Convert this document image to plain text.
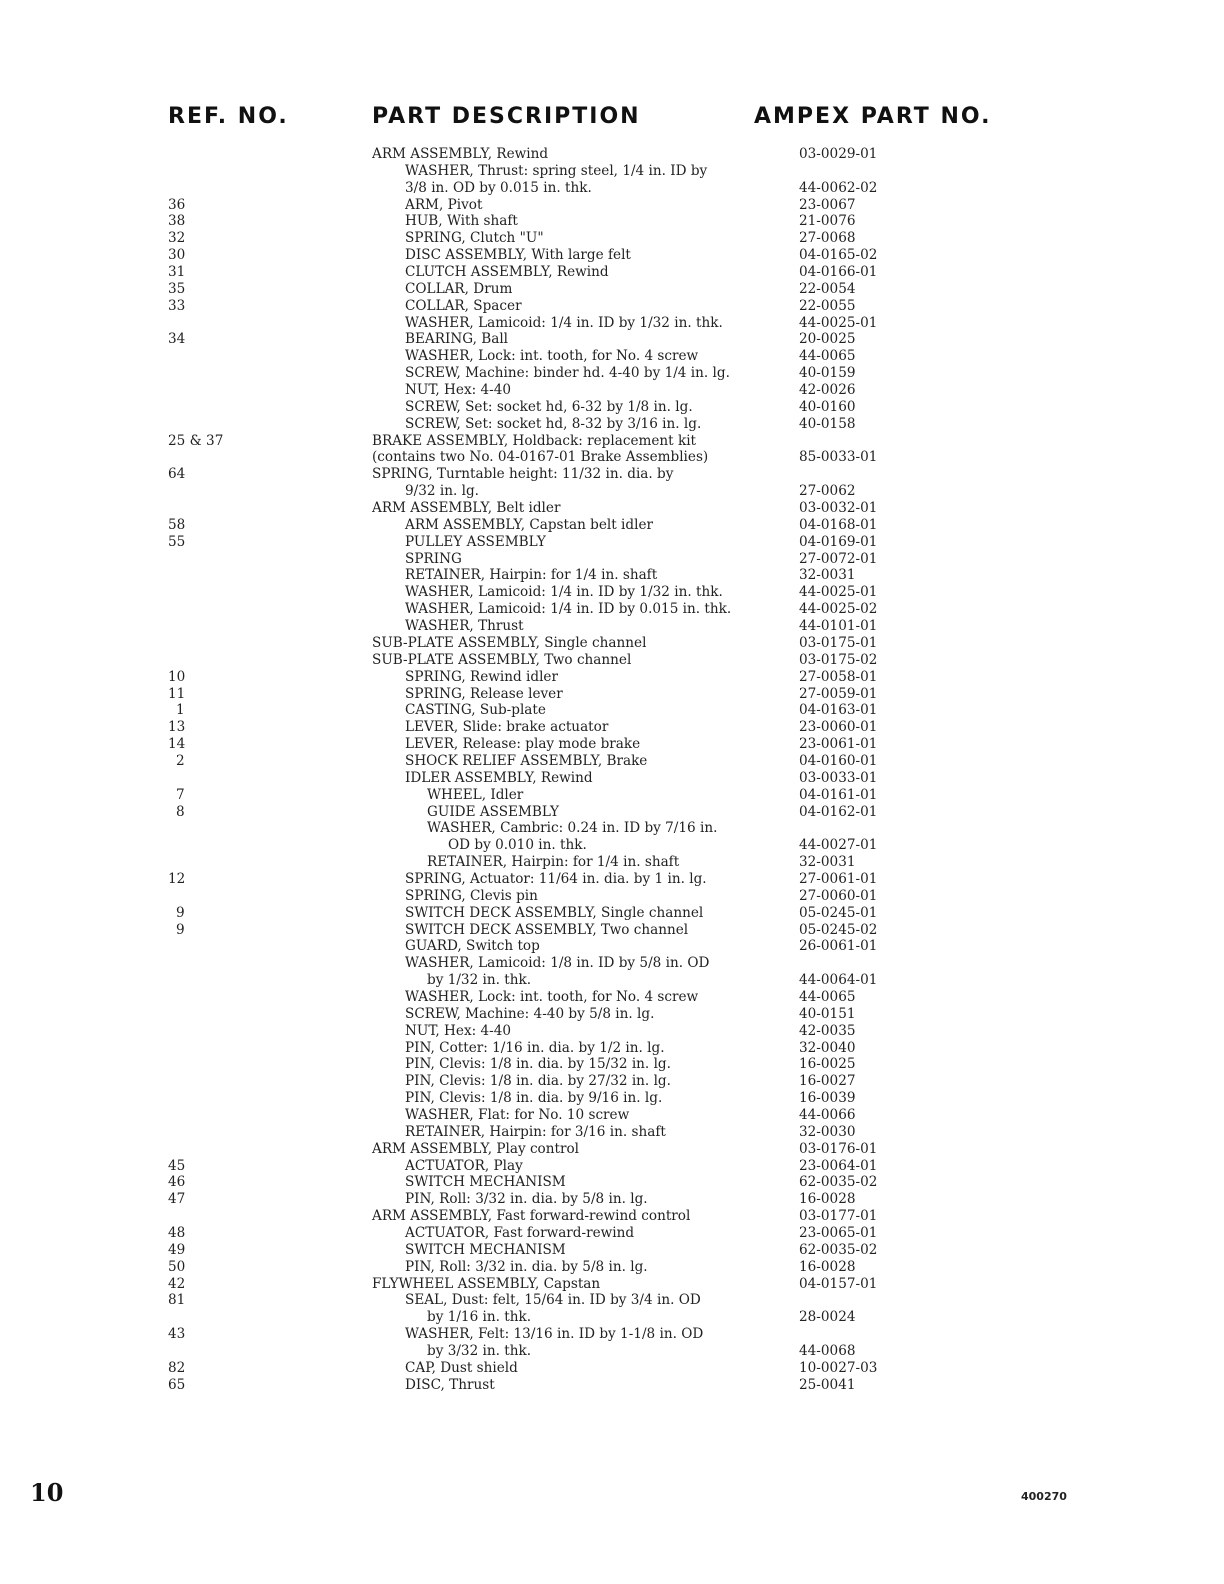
REF. NO.	PART DESCRIPTION	AMPEX PART NO.
ARM ASSEMBLY, Rewind	03-0029-01
WASHER, Thrust: spring steel, 1/4 in. ID by
3/8 in. OD by 0.015 in. thk.	44-0062-02
36	ARM, Pivot	23-0067
38	HUB, With shaft	21-0076
32	SPRING, Clutch "U"	27-0068
30	DISC ASSEMBLY, With large felt	04-0165-02
31	CLUTCH ASSEMBLY, Rewind	04-0166-01
35	COLLAR, Drum	22-0054
33	COLLAR, Spacer	22-0055
WASHER, Lamicoid: 1/4 in. ID by 1/32 in. thk.	44-0025-01
34	BEARING, Ball	20-0025
WASHER, Lock: int. tooth, for No. 4 screw	44-0065
SCREW, Machine: binder hd. 4-40 by 1/4 in. lg.	40-0159
NUT, Hex: 4-40	42-0026
SCREW, Set: socket hd, 6-32 by 1/8 in. lg.	40-0160
SCREW, Set: socket hd, 8-32 by 3/16 in. lg.	40-0158
25 & 37	BRAKE ASSEMBLY, Holdback: replacement kit
(contains two No. 04-0167-01 Brake Assemblies)	85-0033-01
64	SPRING, Turntable height: 11/32 in. dia. by
9/32 in. lg.	27-0062
ARM ASSEMBLY, Belt idler	03-0032-01
58	ARM ASSEMBLY, Capstan belt idler	04-0168-01
55	PULLEY ASSEMBLY	04-0169-01
SPRING	27-0072-01
RETAINER, Hairpin: for 1/4 in. shaft	32-0031
WASHER, Lamicoid: 1/4 in. ID by 1/32 in. thk.	44-0025-01
WASHER, Lamicoid: 1/4 in. ID by 0.015 in. thk.	44-0025-02
WASHER, Thrust	44-0101-01
SUB-PLATE ASSEMBLY, Single channel	03-0175-01
SUB-PLATE ASSEMBLY, Two channel	03-0175-02
10	SPRING, Rewind idler	27-0058-01
11	SPRING, Release lever	27-0059-01
1	CASTING, Sub-plate	04-0163-01
13	LEVER, Slide: brake actuator	23-0060-01
14	LEVER, Release: play mode brake	23-0061-01
2	SHOCK RELIEF ASSEMBLY, Brake	04-0160-01
IDLER ASSEMBLY, Rewind	03-0033-01
7	WHEEL, Idler	04-0161-01
8	GUIDE ASSEMBLY	04-0162-01
WASHER, Cambric: 0.24 in. ID by 7/16 in.
OD by 0.010 in. thk.	44-0027-01
RETAINER, Hairpin: for 1/4 in. shaft	32-0031
12	SPRING, Actuator: 11/64 in. dia. by 1 in. lg.	27-0061-01
SPRING, Clevis pin	27-0060-01
9	SWITCH DECK ASSEMBLY, Single channel	05-0245-01
9	SWITCH DECK ASSEMBLY, Two channel	05-0245-02
GUARD, Switch top	26-0061-01
WASHER, Lamicoid: 1/8 in. ID by 5/8 in. OD
by 1/32 in. thk.	44-0064-01
WASHER, Lock: int. tooth, for No. 4 screw	44-0065
SCREW, Machine: 4-40 by 5/8 in. lg.	40-0151
NUT, Hex: 4-40	42-0035
PIN, Cotter: 1/16 in. dia. by 1/2 in. lg.	32-0040
PIN, Clevis: 1/8 in. dia. by 15/32 in. lg.	16-0025
PIN, Clevis: 1/8 in. dia. by 27/32 in. lg.	16-0027
PIN, Clevis: 1/8 in. dia. by 9/16 in. lg.	16-0039
WASHER, Flat: for No. 10 screw	44-0066
RETAINER, Hairpin: for 3/16 in. shaft	32-0030
ARM ASSEMBLY, Play control	03-0176-01
45	ACTUATOR, Play	23-0064-01
46	SWITCH MECHANISM	62-0035-02
47	PIN, Roll: 3/32 in. dia. by 5/8 in. lg.	16-0028
ARM ASSEMBLY, Fast forward-rewind control	03-0177-01
48	ACTUATOR, Fast forward-rewind	23-0065-01
49	SWITCH MECHANISM	62-0035-02
50	PIN, Roll: 3/32 in. dia. by 5/8 in. lg.	16-0028
42	FLYWHEEL ASSEMBLY, Capstan	04-0157-01
81	SEAL, Dust: felt, 15/64 in. ID by 3/4 in. OD
by 1/16 in. thk.	28-0024
43	WASHER, Felt: 13/16 in. ID by 1-1/8 in. OD
by 3/32 in. thk.	44-0068
82	CAP, Dust shield	10-0027-03
65	DISC, Thrust	25-0041
10	400270
